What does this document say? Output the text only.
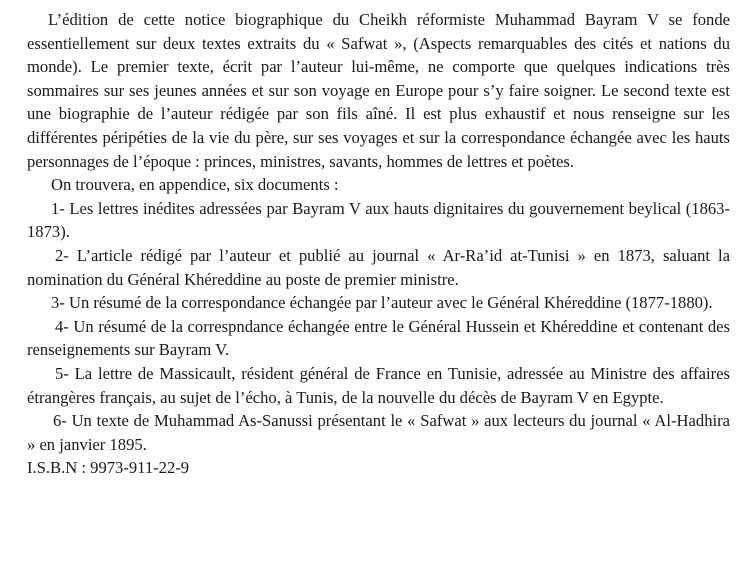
L’édition de cette notice biographique du Cheikh réformiste Muhammad Bayram V se fonde essentiellement sur deux textes extraits du « Safwat », (Aspects remarquables des cités et nations du monde). Le premier texte, écrit par l’auteur lui-même, ne comporte que quelques indications très sommaires sur ses jeunes années et sur son voyage en Europe pour s’y faire soigner. Le second texte est une biographie de l’auteur rédigée par son fils aîné. Il est plus exhaustif et nous renseigne sur les différentes péripéties de la vie du père, sur ses voyages et sur la correspondance échangée avec les hauts personnages de l’époque : princes, ministres, savants, hommes de lettres et poètes.

On trouvera, en appendice, six documents :

1- Les lettres inédites adressées par Bayram V aux hauts dignitaires du gouvernement beylical (1863-1873).

2- L’article rédigé par l’auteur et publié au journal « Ar-Ra’id at-Tunisi » en 1873, saluant la nomination du Général Khéreddine au poste de premier ministre.

3- Un résumé de la correspondance échangée par l’auteur avec le Général Khéreddine (1877-1880).

4- Un résumé de la correspndance échangée entre le Général Hussein et Khéreddine et contenant des renseignements sur Bayram V.

5- La lettre de Massicault, résident général de France en Tunisie, adressée au Ministre des affaires étrangères français, au sujet de l’écho, à Tunis, de la nouvelle du décès de Bayram V en Egypte.

6- Un texte de Muhammad As-Sanussi présentant le « Safwat » aux lecteurs du journal « Al-Hadhira » en janvier 1895.

I.S.B.N : 9973-911-22-9
